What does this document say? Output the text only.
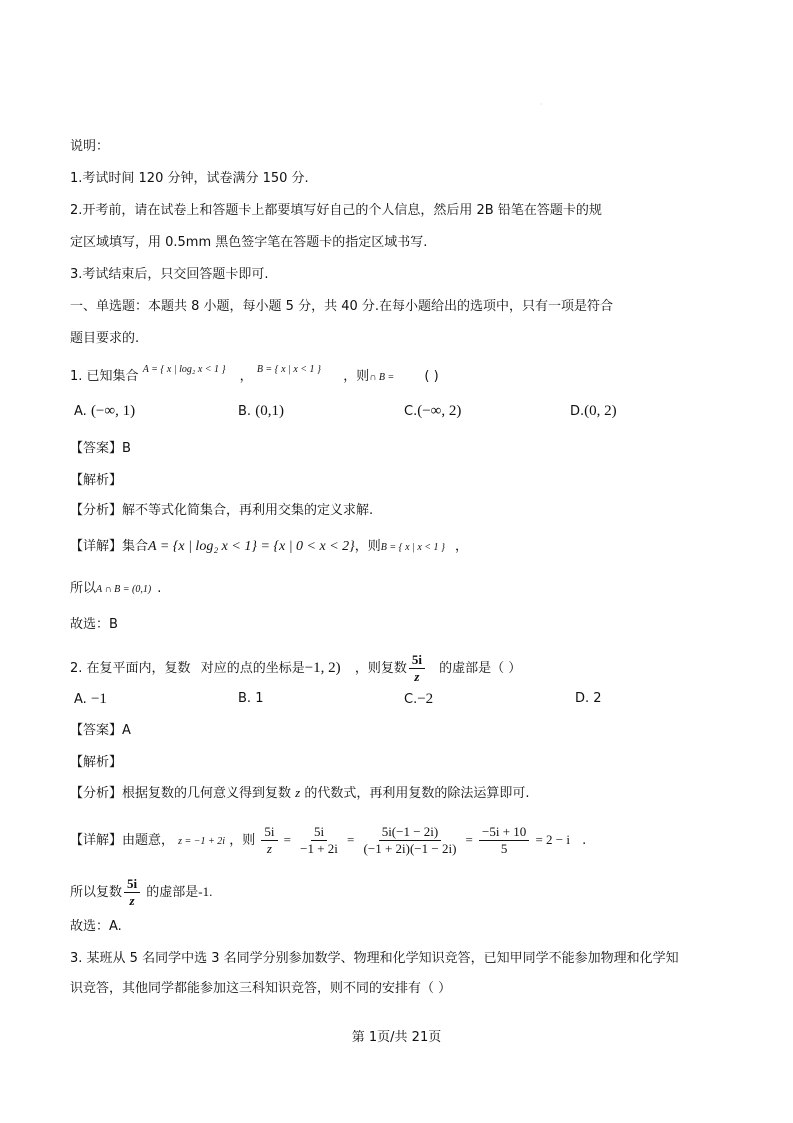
·
说明：
1.考试时间 120 分钟，试卷满分 150 分.
2.开考前，请在试卷上和答题卡上都要填写好自己的个人信息，然后用 2B 铅笔在答题卡的规
定区域填写，用 0.5mm 黑色签字笔在答题卡的指定区域书写.
3.考试结束后，只交回答题卡即可.
一、单选题：本题共 8 小题，每小题 5 分，共 40 分.在每小题给出的选项中，只有一项是符合
题目要求的.
1. 已知集合 $^{A = \{ x | log_2 x < 1 \}}$ ， $^{B = \{ x | x < 1 \}}$ ，则∩ B = ( )
A. (−∞, 1)	B. (0,1)	C.(−∞, 2)	D.(0, 2)
【答案】B
【解析】
【分析】解不等式化简集合，再利用交集的定义求解.
【详解】集合A = {x | log₂ x < 1} = {x | 0 < x < 2}，则B = { x | x < 1 } ，
所以A ∩ B = (0,1) .
故选：B
2. 在复平面内，复数 对应的点的坐标是−1, 2) ，则复数 $\frac{5i}{z}$ 的虚部是（ ）
A. −1	B. 1	C.−2	D. 2
【答案】A
【解析】
【分析】根据复数的几何意义得到复数 z 的代数式，再利用复数的除法运算即可.
【详解】由题意， z = −1 + 2i ，则 $\frac{5i}{z} = \frac{5i}{-1 + 2i} = \frac{5i(-1 - 2i)}{(-1 + 2i)(-1 - 2i)} = \frac{-5i + 10}{5} = 2 - i$ .
所以复数 $\frac{5i}{z}$ 的虚部是-1.
故选：A.
3. 某班从 5 名同学中选 3 名同学分别参加数学、物理和化学知识竞答，已知甲同学不能参加物理和化学知
识竞答，其他同学都能参加这三科知识竞答，则不同的安排有（ ）
第 1页/共 21页
